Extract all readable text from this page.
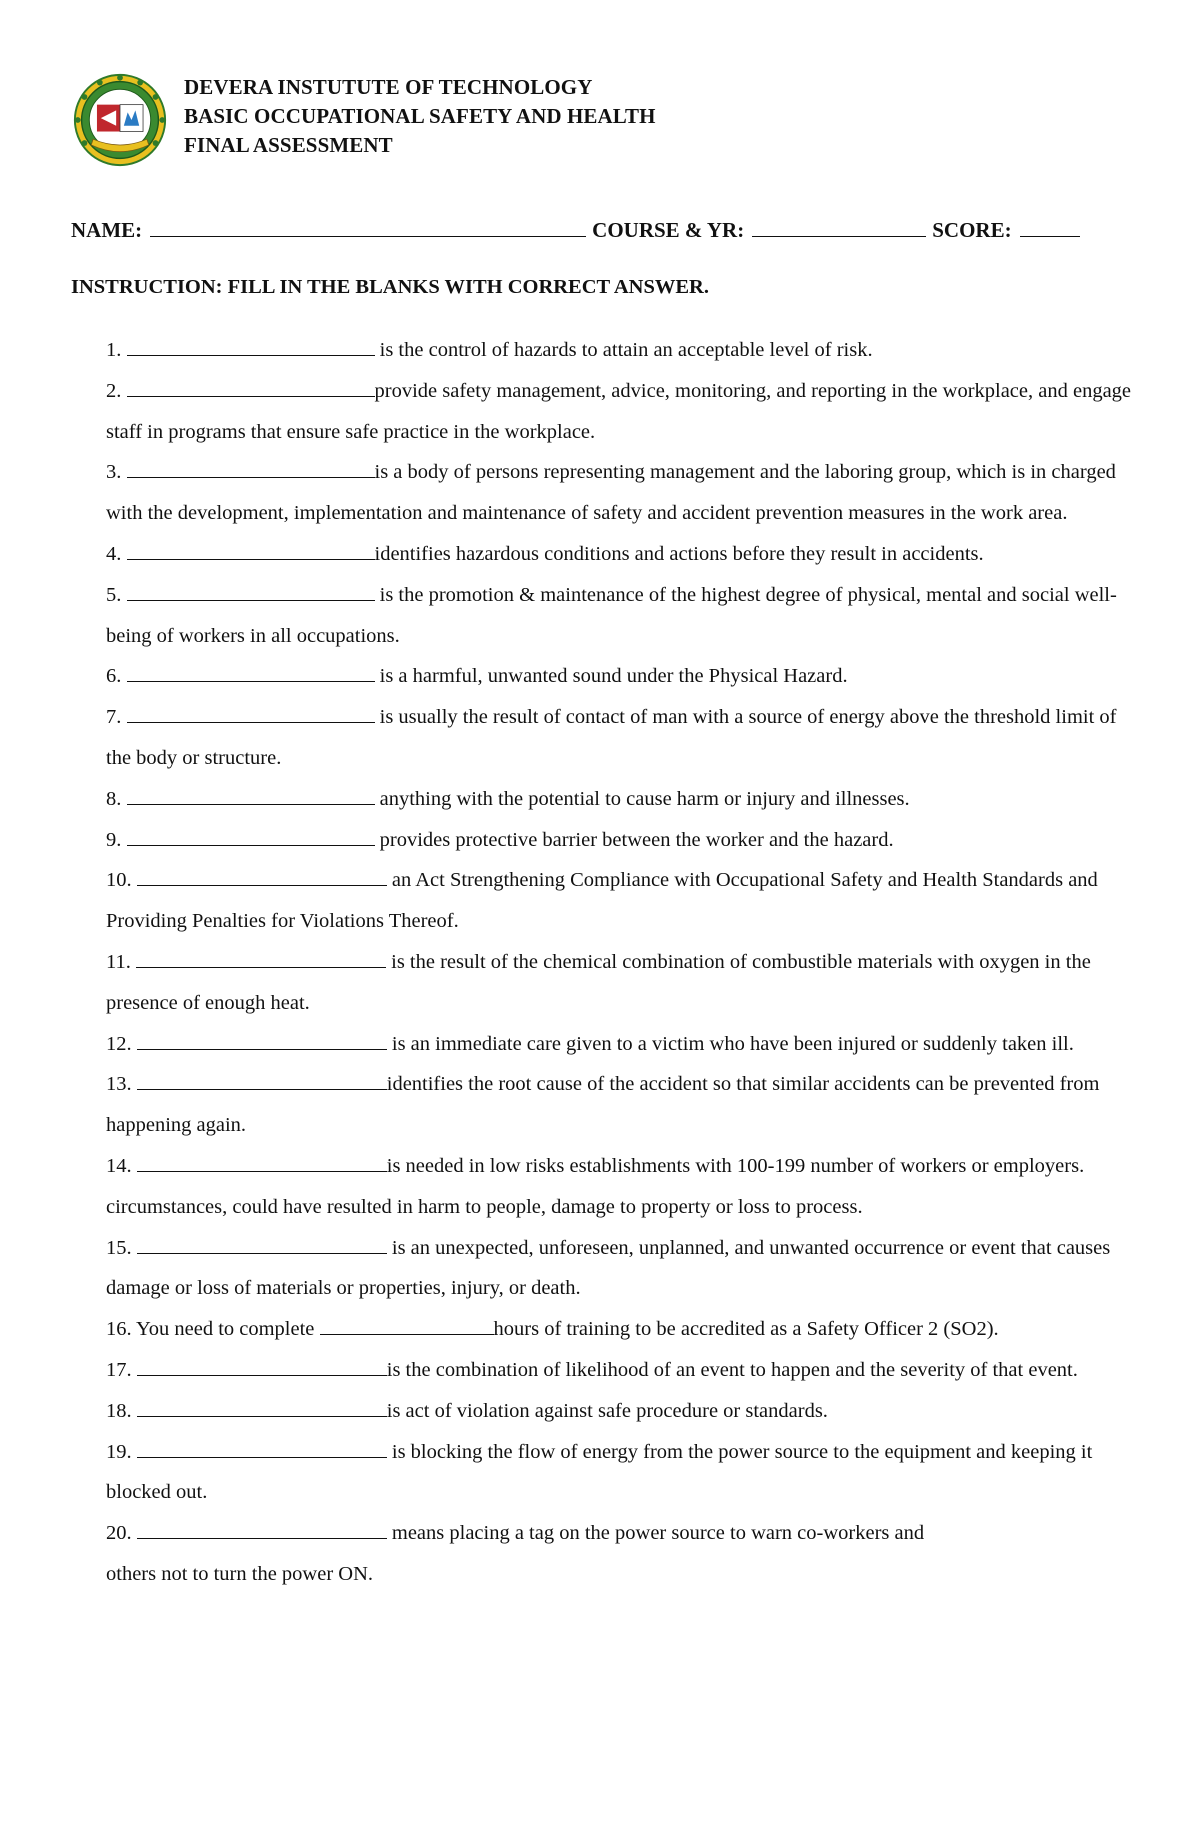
DEVERA INSTUTUTE OF TECHNOLOGY
BASIC OCCUPATIONAL SAFETY AND HEALTH
FINAL ASSESSMENT
NAME:	COURSE & YR:	SCORE:
INSTRUCTION: FILL IN THE BLANKS WITH CORRECT ANSWER.

1.	is the control of hazards to attain an acceptable level of risk.

2.	provide safety management, advice, monitoring, and reporting in the workplace, and engage staff in programs that ensure safe practice in the workplace.

3.	is a body of persons representing management and the laboring group, which is in charged with the development, implementation and maintenance of safety and accident prevention measures in the work area.

4.	identifies hazardous conditions and actions before they result in accidents.

5.	is the promotion & maintenance of the highest degree of physical, mental and social well-being of workers in all occupations.

6.	is a harmful, unwanted sound under the Physical Hazard.

7.	is usually the result of contact of man with a source of energy above the threshold limit of the body or structure.

8.	anything with the potential to cause harm or injury and illnesses.

9.	provides protective barrier between the worker and the hazard.

10.	an Act Strengthening Compliance with Occupational Safety and Health Standards and Providing Penalties for Violations Thereof.

11.	is the result of the chemical combination of combustible materials with oxygen in the presence of enough heat.

12.	is an immediate care given to a victim who have been injured or suddenly taken ill.

13.	identifies the root cause of the accident so that similar accidents can be prevented from happening again.

14.	is needed in low risks establishments with 100-199 number of workers or employers.

circumstances, could have resulted in harm to people, damage to property or loss to process.

15.	is an unexpected, unforeseen, unplanned, and unwanted occurrence or event that causes damage or loss of materials or properties, injury, or death.

16. You need to complete	hours of training to be accredited as a Safety Officer 2 (SO2).

17.	is the combination of likelihood of an event to happen and the severity of that event.

18.	is act of violation against safe procedure or standards.

19.	is blocking the flow of energy from the power source to the equipment and keeping it blocked out.

20.	means placing a tag on the power source to warn co-workers and
others not to turn the power ON.
